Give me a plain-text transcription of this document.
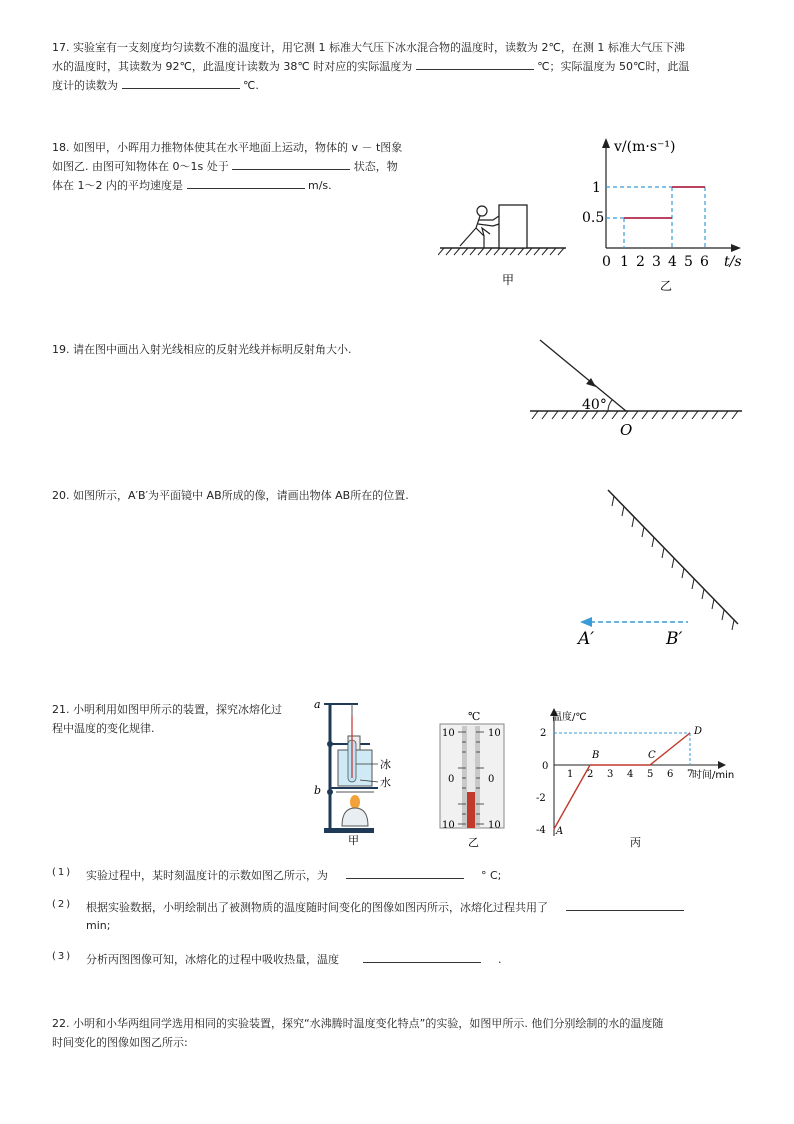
17. 实验室有一支刻度均匀读数不准的温度计，用它测 1 标准大气压下冰水混合物的温度时，读数为 2℃，在测 1 标准大气压下沸
水的温度时，其读数为 92℃，此温度计读数为 38℃ 时对应的实际温度为	℃；实际温度为 50℃时，此温
度计的读数为	℃.
18. 如图甲，小晖用力推物体使其在水平地面上运动，物体的 v － t图象
如图乙. 由图可知物体在 0～1s 处于	状态，物
体在 1～2 内的平均速度是	m/s.
甲
v/(m·s⁻¹)
t/s
1
0.5
0 1 2 3 4 5 6
乙
19. 请在图中画出入射光线相应的反射光线并标明反射角大小.
40°
O
20. 如图所示，A′B′为平面镜中 AB所成的像，请画出物体 AB所在的位置.
A′	B′
21. 小明利用如图甲所示的装置，探究冰熔化过
程中温度的变化规律.
a
b
冰
水
甲
℃
10
0
10
10
0
10
乙
温度/℃
时间/min
2
0
-2
-4
1 2 3 4 5 6 7
A
B	C
D
丙
(1) 实验过程中，某时刻温度计的示数如图乙所示，为	° C;
(2) 根据实验数据，小明绘制出了被测物质的温度随时间变化的图像如图丙所示，冰熔化过程共用了
min;
(3) 分析丙图图像可知，冰熔化的过程中吸收热量，温度	.
22. 小明和小华两组同学选用相同的实验装置，探究“水沸腾时温度变化特点”的实验，如图甲所示. 他们分别绘制的水的温度随
时间变化的图像如图乙所示:
